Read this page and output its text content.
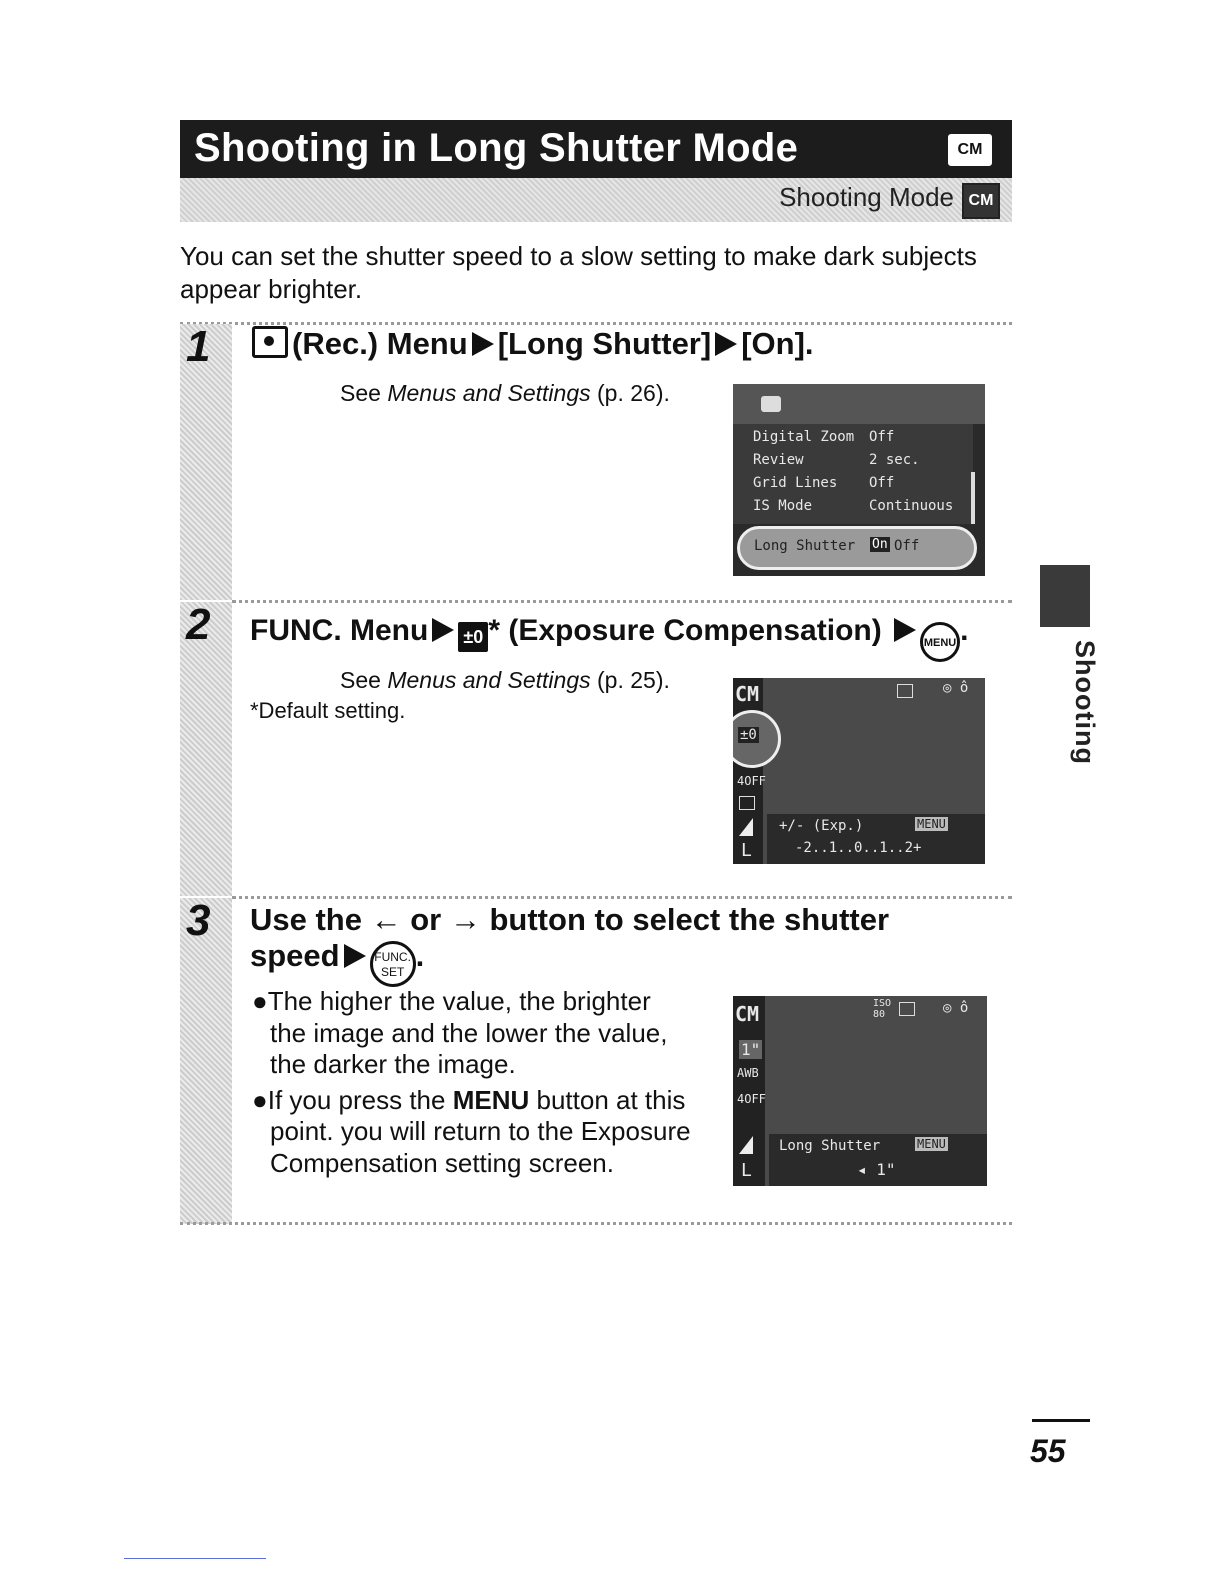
Shooting in Long Shutter Mode	CM
Shooting Mode CM
You can set the shutter speed to a slow setting to make dark subjects appear brighter.
1	(Rec.) Menu [Long Shutter] [On].
See Menus and Settings (p. 26).
Digital Zoom Off
Review	2 sec.
Grid Lines Off
IS Mode	Continuous
Long Shutter On Off
2 FUNC. Menu ±0 * (Exposure Compensation)	MENU .
See Menus and Settings (p. 25).
*Default setting.
CM	◎ ô
±0
4OFF
L
+/- (Exp.)	MENU
-2..1..0..1..2+
3 Use the ← or → button to select the shutter
speed	FUNC.
SET .
●The higher the value, the brighter the image and the lower the value, the darker the image.
●If you press the MENU button at this point. you will return to the Exposure Compensation setting screen.
CM	ISO 80	◎ ô
1"
AWB
4OFF
L
Long Shutter	MENU
◂ 1"
Shooting
55
